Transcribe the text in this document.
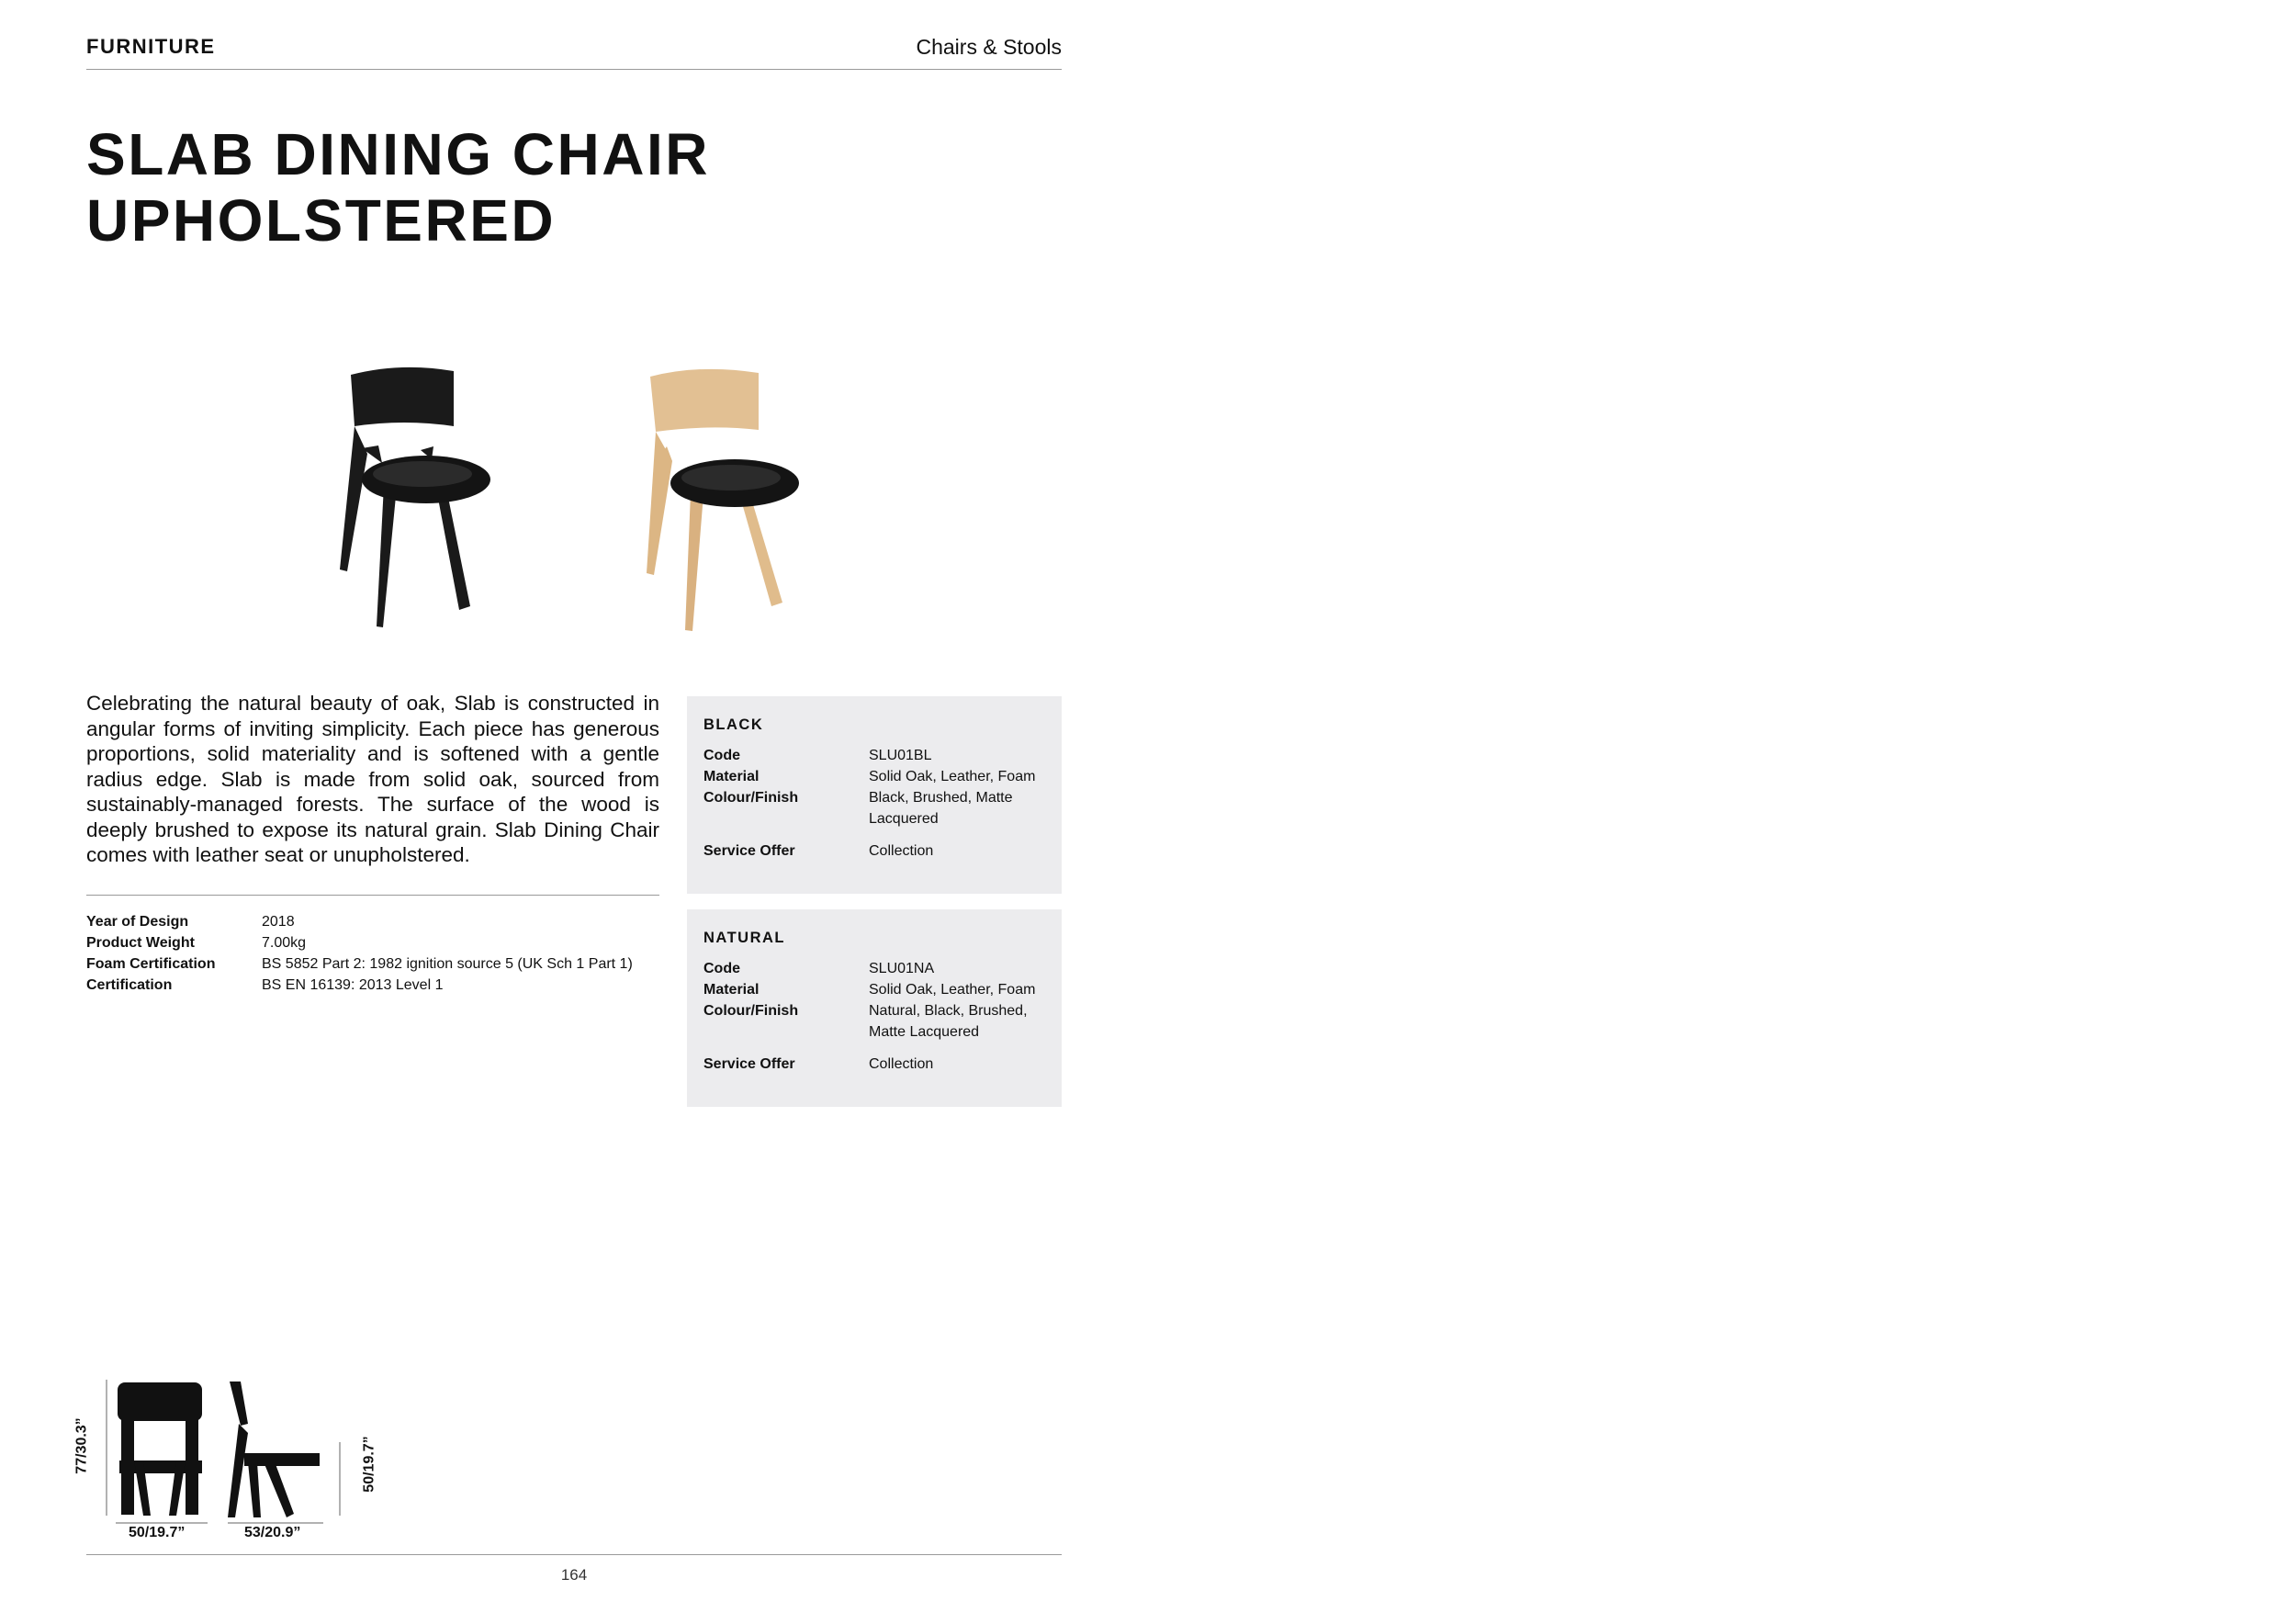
FURNITURE	Chairs & Stools
SLAB DINING CHAIR
UPHOLSTERED

Celebrating the natural beauty of oak, Slab is constructed in angular forms of inviting simplicity. Each piece has generous proportions, solid materiality and is softened with a gentle radius edge. Slab is made from solid oak, sourced from sustainably-managed forests. The surface of the wood is deeply brushed to expose its natural grain. Slab Dining Chair comes with leather seat or unupholstered.

Year of Design	2018
Product Weight	7.00kg
Foam Certification	BS 5852 Part 2: 1982 ignition source 5 (UK Sch 1 Part 1)
Certification	BS EN 16139: 2013 Level 1
BLACK
Code	SLU01BL
Material	Solid Oak, Leather, Foam
Colour/Finish	Black, Brushed, Matte Lacquered
Service Offer	Collection
NATURAL
Code	SLU01NA
Material	Solid Oak, Leather, Foam
Colour/Finish	Natural, Black, Brushed, Matte Lacquered
Service Offer	Collection
77/30.3”
50/19.7”	53/20.9”
50/19.7”
164
